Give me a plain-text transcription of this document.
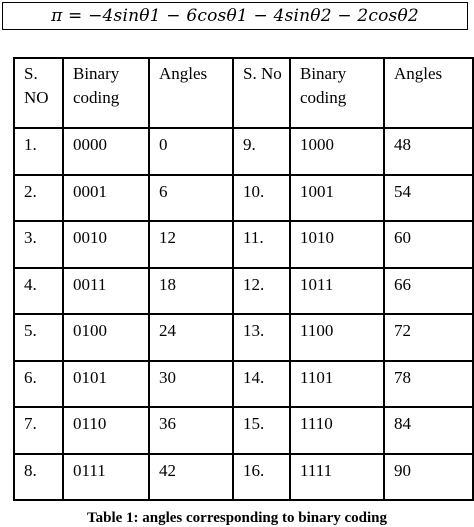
π = −4sinθ1 − 6cosθ1 − 4sinθ2 − 2cosθ2
S. NO	Binary coding	Angles	S. No	Binary coding	Angles
1.	0000	0	9.	1000	48
2.	0001	6	10.	1001	54
3.	0010	12	11.	1010	60
4.	0011	18	12.	1011	66
5.	0100	24	13.	1100	72
6.	0101	30	14.	1101	78
7.	0110	36	15.	1110	84
8.	0111	42	16.	1111	90
Table 1: angles corresponding to binary coding
